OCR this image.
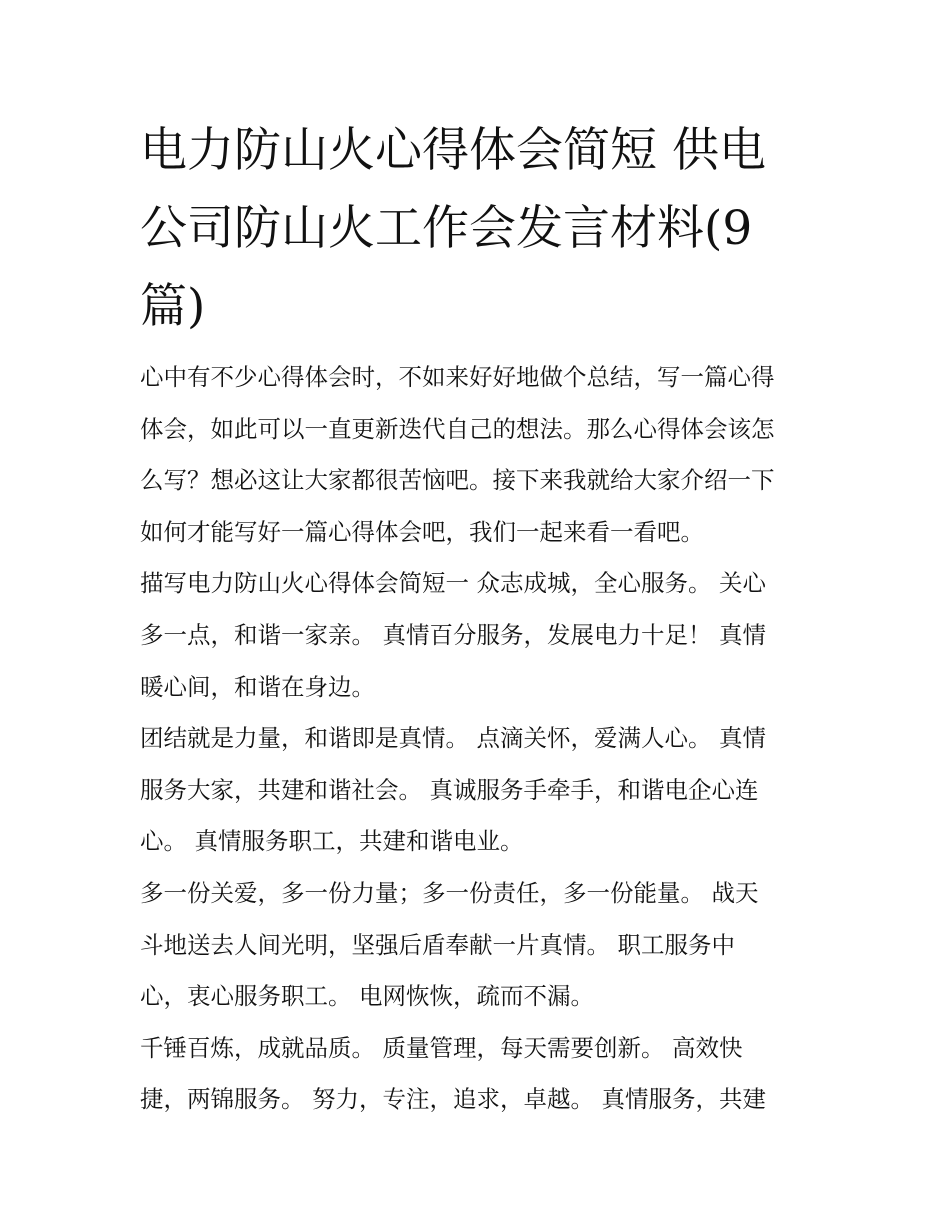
电力防山火心得体会简短 供电
公司防山火工作会发言材料(9
篇)

心中有不少心得体会时，不如来好好地做个总结，写一篇心得
体会，如此可以一直更新迭代自己的想法。那么心得体会该怎
么写？想必这让大家都很苦恼吧。接下来我就给大家介绍一下
如何才能写好一篇心得体会吧，我们一起来看一看吧。

描写电力防山火心得体会简短一 众志成城，全心服务。 关心
多一点，和谐一家亲。 真情百分服务，发展电力十足！ 真情
暖心间，和谐在身边。

团结就是力量，和谐即是真情。 点滴关怀，爱满人心。 真情
服务大家，共建和谐社会。 真诚服务手牵手，和谐电企心连
心。 真情服务职工，共建和谐电业。

多一份关爱，多一份力量；多一份责任，多一份能量。 战天
斗地送去人间光明，坚强后盾奉献一片真情。 职工服务中
心，衷心服务职工。 电网恢恢，疏而不漏。

千锤百炼，成就品质。 质量管理，每天需要创新。 高效快
捷，两锦服务。 努力，专注，追求，卓越。 真情服务，共建
